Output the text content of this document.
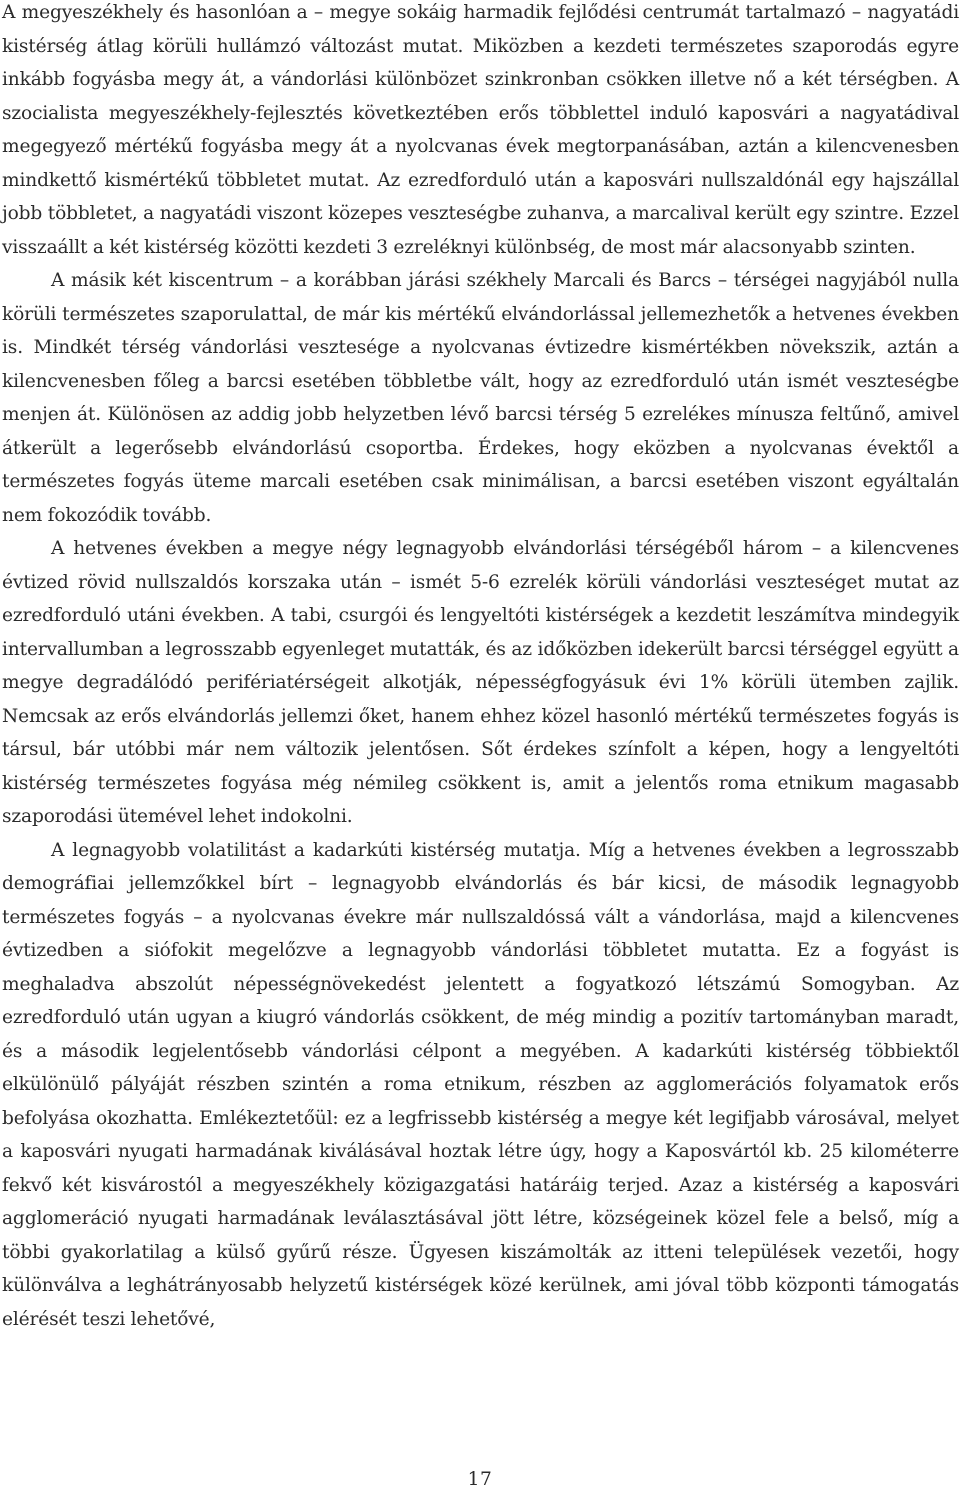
A megyeszékhely és hasonlóan a – megye sokáig harmadik fejlődési centrumát tartalmazó – nagyatádi kistérség átlag körüli hullámzó változást mutat. Miközben a kezdeti természetes szaporodás egyre inkább fogyásba megy át, a vándorlási különbözet szinkronban csökken illetve nő a két térségben. A szocialista megyeszékhely-fejlesztés következtében erős többlettel induló kaposvári a nagyatádival megegyező mértékű fogyásba megy át a nyolcvanas évek megtorpanásában, aztán a kilencvenesben mindkettő kismértékű többletet mutat. Az ezredforduló után a kaposvári nullszaldónál egy hajszállal jobb többletet, a nagyatádi viszont közepes veszteségbe zuhanva, a marcalival került egy szintre. Ezzel visszaállt a két kistérség közötti kezdeti 3 ezreléknyi különbség, de most már alacsonyabb szinten.

A másik két kiscentrum – a korábban járási székhely Marcali és Barcs – térségei nagyjából nulla körüli természetes szaporulattal, de már kis mértékű elvándorlással jellemezhetők a hetvenes években is. Mindkét térség vándorlási vesztesége a nyolcvanas évtizedre kismértékben növekszik, aztán a kilencvenesben főleg a barcsi esetében többletbe vált, hogy az ezredforduló után ismét veszteségbe menjen át. Különösen az addig jobb helyzetben lévő barcsi térség 5 ezrelékes mínusza feltűnő, amivel átkerült a legerősebb elvándorlású csoportba. Érdekes, hogy eközben a nyolcvanas évektől a természetes fogyás üteme marcali esetében csak minimálisan, a barcsi esetében viszont egyáltalán nem fokozódik tovább.

A hetvenes években a megye négy legnagyobb elvándorlási térségéből három – a kilencvenes évtized rövid nullszaldós korszaka után – ismét 5-6 ezrelék körüli vándorlási veszteséget mutat az ezredforduló utáni években. A tabi, csurgói és lengyeltóti kistérségek a kezdetit leszámítva mindegyik intervallumban a legrosszabb egyenleget mutatták, és az időközben idekerült barcsi térséggel együtt a megye degradálódó perifériatérségeit alkotják, népességfogyásuk évi 1% körüli ütemben zajlik. Nemcsak az erős elvándorlás jellemzi őket, hanem ehhez közel hasonló mértékű természetes fogyás is társul, bár utóbbi már nem változik jelentősen. Sőt érdekes színfolt a képen, hogy a lengyeltóti kistérség természetes fogyása még némileg csökkent is, amit a jelentős roma etnikum magasabb szaporodási ütemével lehet indokolni.

A legnagyobb volatilitást a kadarkúti kistérség mutatja. Míg a hetvenes években a legrosszabb demográfiai jellemzőkkel bírt – legnagyobb elvándorlás és bár kicsi, de második legnagyobb természetes fogyás – a nyolcvanas évekre már nullszaldóssá vált a vándorlása, majd a kilencvenes évtizedben a siófokit megelőzve a legnagyobb vándorlási többletet mutatta. Ez a fogyást is meghaladva abszolút népességnövekedést jelentett a fogyatkozó létszámú Somogyban. Az ezredforduló után ugyan a kiugró vándorlás csökkent, de még mindig a pozitív tartományban maradt, és a második legjelentősebb vándorlási célpont a megyében. A kadarkúti kistérség többiektől elkülönülő pályáját részben szintén a roma etnikum, részben az agglomerációs folyamatok erős befolyása okozhatta. Emlékeztetőül: ez a legfrissebb kistérség a megye két legifjabb városával, melyet a kaposvári nyugati harmadának kiválásával hoztak létre úgy, hogy a Kaposvártól kb. 25 kilométerre fekvő két kisvárostól a megyeszékhely közigazgatási határáig terjed. Azaz a kistérség a kaposvári agglomeráció nyugati harmadának leválasztásával jött létre, községeinek közel fele a belső, míg a többi gyakorlatilag a külső gyűrű része. Ügyesen kiszámolták az itteni települések vezetői, hogy különválva a leghátrányosabb helyzetű kistérségek közé kerülnek, ami jóval több központi támogatás elérését teszi lehetővé,

17
